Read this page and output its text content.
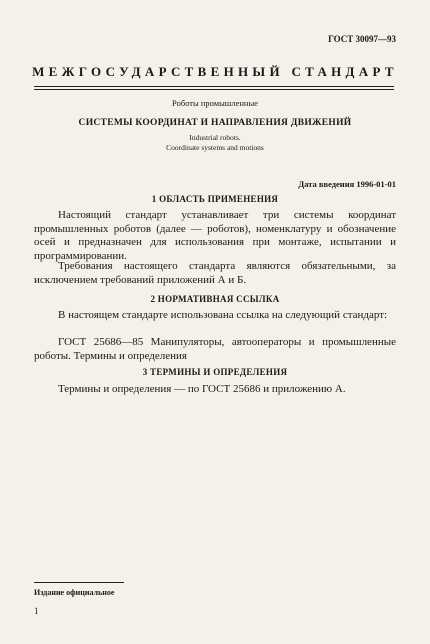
ГОСТ 30097—93
МЕЖГОСУДАРСТВЕННЫЙ СТАНДАРТ
Роботы промышленные
СИСТЕМЫ КООРДИНАТ И НАПРАВЛЕНИЯ ДВИЖЕНИЙ
Industrial robots.
Coordinate systems and motions
Дата введения 1996-01-01
1 ОБЛАСТЬ ПРИМЕНЕНИЯ

Настоящий стандарт устанавливает три системы координат промышленных роботов (далее — роботов), номенклатуру и обозначение осей и предназначен для использования при монтаже, испытании и программировании.

Требования настоящего стандарта являются обязательными, за исключением требований приложений А и Б.

2 НОРМАТИВНАЯ ССЫЛКА

В настоящем стандарте использована ссылка на следующий стандарт:

ГОСТ 25686—85 Манипуляторы, автооператоры и промышленные роботы. Термины и определения

3 ТЕРМИНЫ И ОПРЕДЕЛЕНИЯ

Термины и определения — по ГОСТ 25686 и приложению А.

Издание официальное
1
